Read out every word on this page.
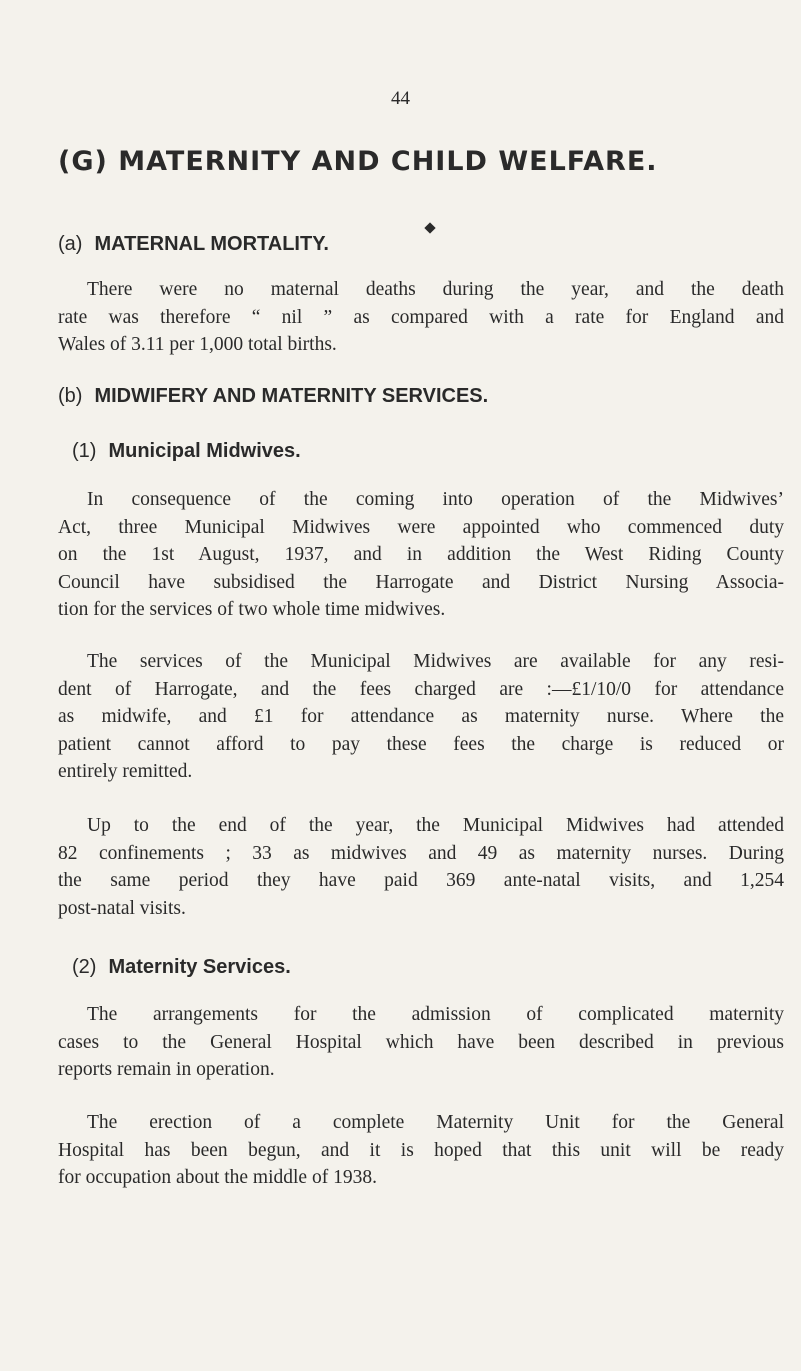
44
(G) MATERNITY AND CHILD WELFARE.
(a) MATERNAL MORTALITY.
There were no maternal deaths during the year, and the death
rate was therefore “ nil ” as compared with a rate for England and
Wales of 3.11 per 1,000 total births.
(b) MIDWIFERY AND MATERNITY SERVICES.
(1) Municipal Midwives.
In consequence of the coming into operation of the Midwives’
Act, three Municipal Midwives were appointed who commenced duty
on the 1st August, 1937, and in addition the West Riding County
Council have subsidised the Harrogate and District Nursing Associa-
tion for the services of two whole time midwives.
The services of the Municipal Midwives are available for any resi-
dent of Harrogate, and the fees charged are :—£1/10/0 for attendance
as midwife, and £1 for attendance as maternity nurse. Where the
patient cannot afford to pay these fees the charge is reduced or
entirely remitted.
Up to the end of the year, the Municipal Midwives had attended
82 confinements ; 33 as midwives and 49 as maternity nurses. During
the same period they have paid 369 ante-natal visits, and 1,254
post-natal visits.
(2) Maternity Services.
The arrangements for the admission of complicated maternity
cases to the General Hospital which have been described in previous
reports remain in operation.
The erection of a complete Maternity Unit for the General
Hospital has been begun, and it is hoped that this unit will be ready
for occupation about the middle of 1938.
